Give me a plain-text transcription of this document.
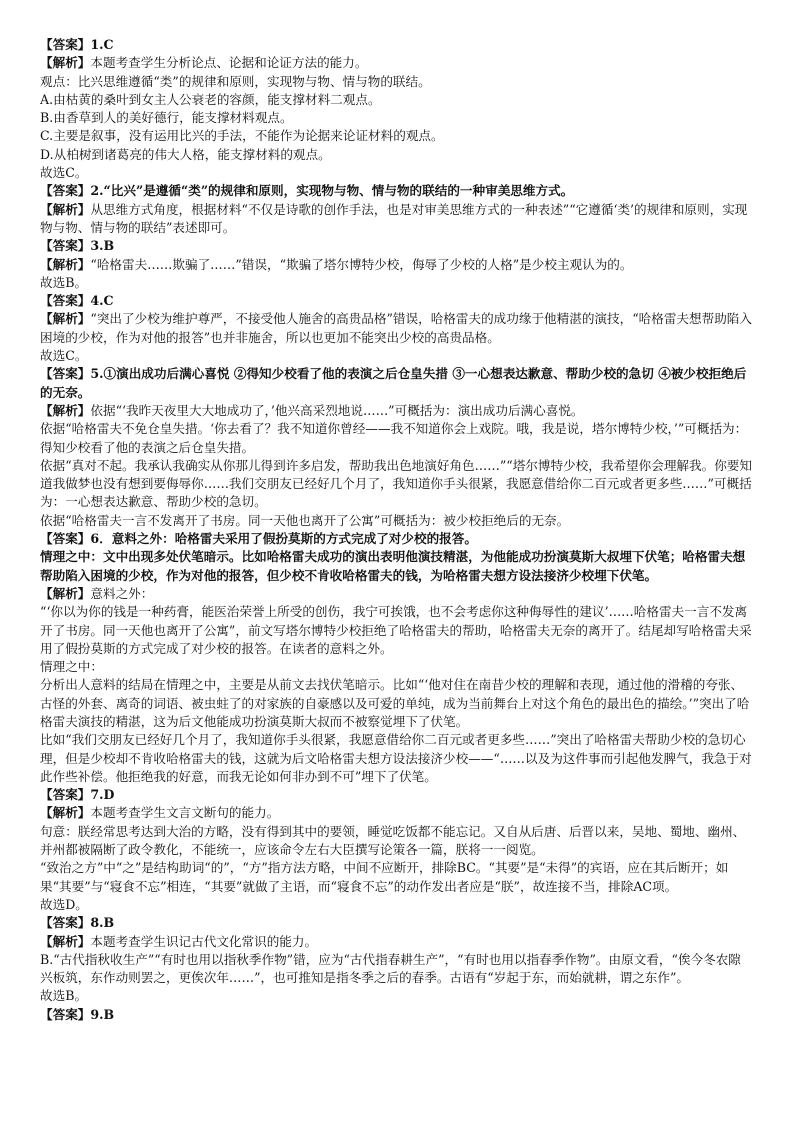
【答案】1.C
【解析】本题考查学生分析论点、论据和论证方法的能力。
观点：比兴思维遵循“类”的规律和原则，实现物与物、情与物的联结。
A.由枯黄的桑叶到女主人公衰老的容颜，能支撑材料二观点。
B.由香草到人的美好德行，能支撑材料观点。
C.主要是叙事，没有运用比兴的手法，不能作为论据来论证材料的观点。
D.从柏树到诸葛亮的伟大人格，能支撑材料的观点。
故选C。
【答案】2.“比兴”是遵循“类”的规律和原则，实现物与物、情与物的联结的一种审美思维方式。
【解析】从思维方式角度，根据材料“不仅是诗歌的创作手法，也是对审美思维方式的一种表述”“它遵循‘类’的规律和原则，实现物与物、情与物的联结”表述即可。
【答案】3.B
【解析】“哈格雷夫……欺骗了……”错误，“欺骗了塔尔博特少校，侮辱了少校的人格”是少校主观认为的。
故选B。
【答案】4.C
【解析】“突出了少校为维护尊严，不接受他人施舍的高贵品格”错误，哈格雷夫的成功缘于他精湛的演技，“哈格雷夫想帮助陷入困境的少校，作为对他的报答”也并非施舍，所以也更加不能突出少校的高贵品格。
故选C。
【答案】5.①演出成功后满心喜悦 ②得知少校看了他的表演之后仓皇失措 ③一心想表达歉意、帮助少校的急切 ④被少校拒绝后的无奈。
【解析】依据“‘我昨天夜里大大地成功了，’他兴高采烈地说……”可概括为：演出成功后满心喜悦。
依据“哈格雷夫不免仓皇失措。‘你去看了？我不知道你曾经——我不知道你会上戏院。哦，我是说，塔尔博特少校，’”可概括为：得知少校看了他的表演之后仓皇失措。
依据“真对不起。我承认我确实从你那儿得到许多启发，帮助我出色地演好角色……”“塔尔博特少校，我希望你会理解我。你要知道我做梦也没有想到要侮辱你……我们交朋友已经好几个月了，我知道你手头很紧，我愿意借给你二百元或者更多些……”可概括为：一心想表达歉意、帮助少校的急切。
依据“哈格雷夫一言不发离开了书房。同一天他也离开了公寓”可概括为：被少校拒绝后的无奈。
【答案】6．意料之外：哈格雷夫采用了假扮莫斯的方式完成了对少校的报答。
情理之中：文中出现多处伏笔暗示。比如哈格雷夫成功的演出表明他演技精湛，为他能成功扮演莫斯大叔埋下伏笔；哈格雷夫想帮助陷入困境的少校，作为对他的报答，但少校不肯收哈格雷夫的钱，为哈格雷夫想方设法接济少校埋下伏笔。
【解析】意料之外：
“‘你以为你的钱是一种药膏，能医治荣誉上所受的创伤，我宁可挨饿，也不会考虑你这种侮辱性的建议’……哈格雷夫一言不发离开了书房。同一天他也离开了公寓”，前文写塔尔博特少校拒绝了哈格雷夫的帮助，哈格雷夫无奈的离开了。结尾却写哈格雷夫采用了假扮莫斯的方式完成了对少校的报答。在读者的意料之外。
情理之中：
分析出人意料的结局在情理之中，主要是从前文去找伏笔暗示。比如“‘他对住在南昔少校的理解和表现，通过他的滑稽的夸张、古怪的外套、离奇的词语、被虫蛀了的对家族的自豪感以及可爱的单纯，成为当前舞台上对这个角色的最出色的描绘。’”突出了哈格雷夫演技的精湛，这为后文他能成功扮演莫斯大叔而不被察觉埋下了伏笔。
比如“我们交朋友已经好几个月了，我知道你手头很紧，我愿意借给你二百元或者更多些……”突出了哈格雷夫帮助少校的急切心理，但是少校却不肯收哈格雷夫的钱，这就为后文哈格雷夫想方设法接济少校——“……以及为这件事而引起他发脾气，我急于对此作些补偿。他拒绝我的好意，而我无论如何非办到不可”埋下了伏笔。
【答案】7.D
【解析】本题考查学生文言文断句的能力。
句意：朕经常思考达到大治的方略，没有得到其中的要领，睡觉吃饭都不能忘记。又自从后唐、后晋以来，吴地、蜀地、幽州、并州都被隔断了政令教化，不能统一，应该命令左右大臣撰写论策各一篇，朕将一一阅览。
“致治之方”中“之”是结构助词“的”，“方”指方法方略，中间不应断开，排除BC。“其要”是“未得”的宾语，应在其后断开；如果“其要”与“寝食不忘”相连，“其要”就做了主语，而“寝食不忘”的动作发出者应是“朕”，故连接不当，排除AC项。
故选D。
【答案】8.B
【解析】本题考查学生识记古代文化常识的能力。
B.“古代指秋收生产”“有时也用以指秋季作物”错，应为“古代指春耕生产”，“有时也用以指春季作物”。由原文看，“俟今冬农隙兴板筑，东作动则罢之，更俟次年……”，也可推知是指冬季之后的春季。古语有“岁起于东，而始就耕，谓之东作”。
故选B。
【答案】9.B
